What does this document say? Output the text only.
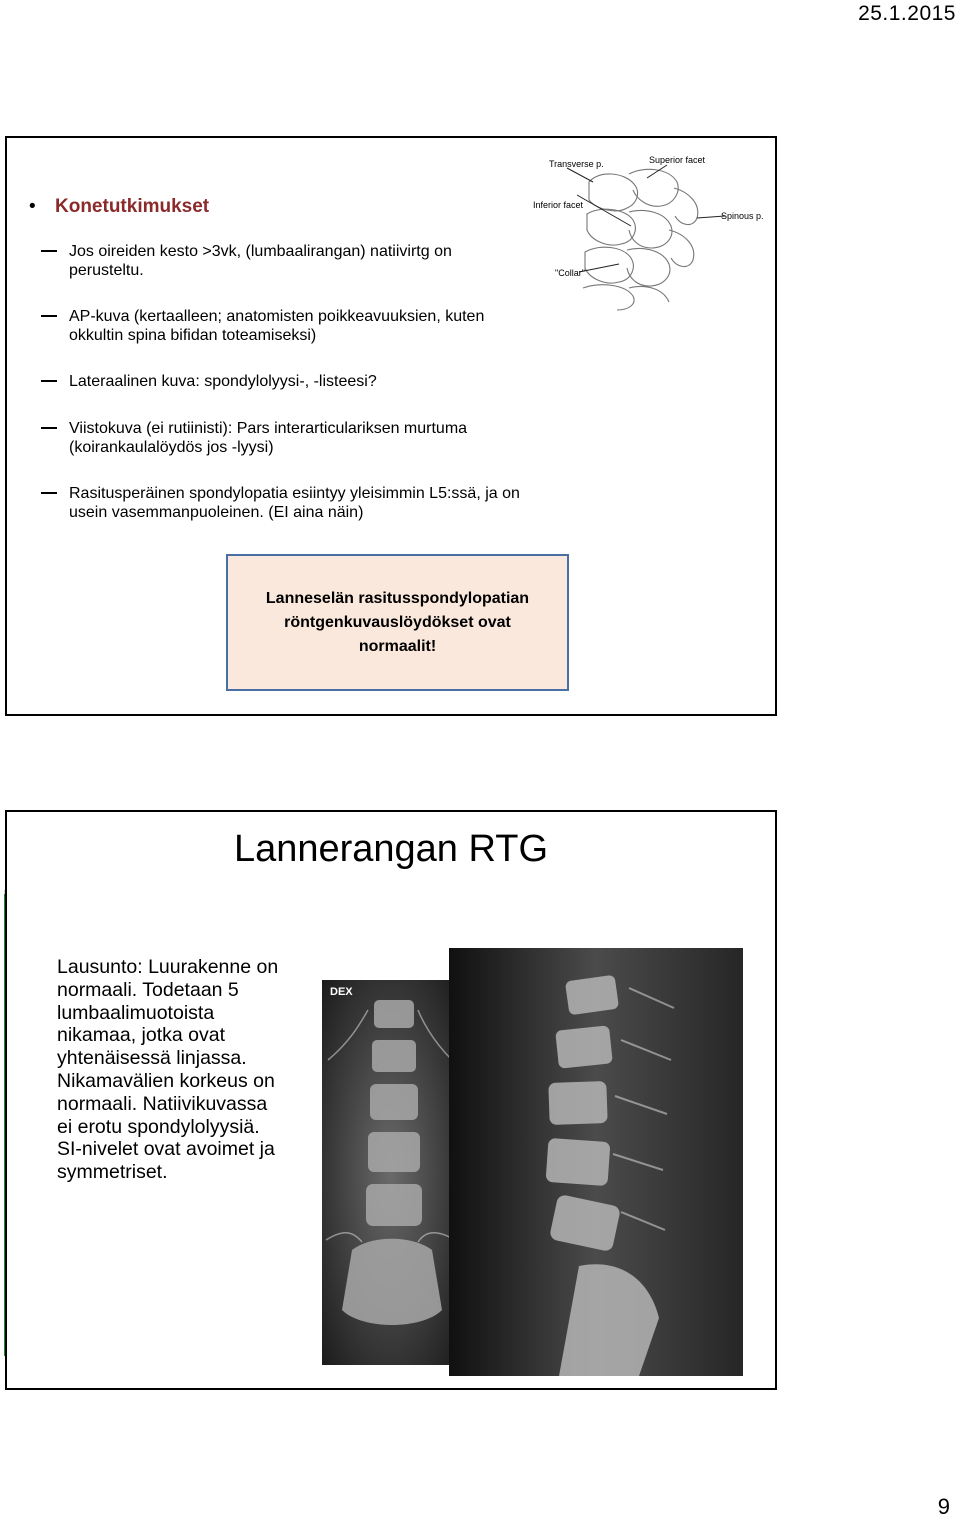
25.1.2015
• Konetutkimukset
Jos oireiden kesto >3vk, (lumbaalirangan) natiivirtg on perusteltu.
AP-kuva (kertaalleen; anatomisten poikkeavuuksien, kuten okkultin spina bifidan toteamiseksi)
Lateraalinen kuva: spondylolyysi-, -listeesi?
Viistokuva (ei rutiinisti): Pars interarticulariksen murtuma (koirankaulalöydös jos -lyysi)
Rasitusperäinen spondylopatia esiintyy yleisimmin L5:ssä, ja on usein vasemmanpuoleinen. (EI aina näin)
Lanneselän rasitusspondylopatian röntgenkuvauslöydökset ovat normaalit!
Transverse p.	Superior facet
Inferior facet
Spinous p.
"Collar"
Lannerangan RTG
Lausunto: Luurakenne on normaali. Todetaan 5 lumbaalimuotoista nikamaa, jotka ovat yhtenäisessä linjassa. Nikamavälien korkeus on normaali. Natiivikuvassa ei erotu spondylolyysiä. SI-nivelet ovat avoimet ja symmetriset.
DEX
9
